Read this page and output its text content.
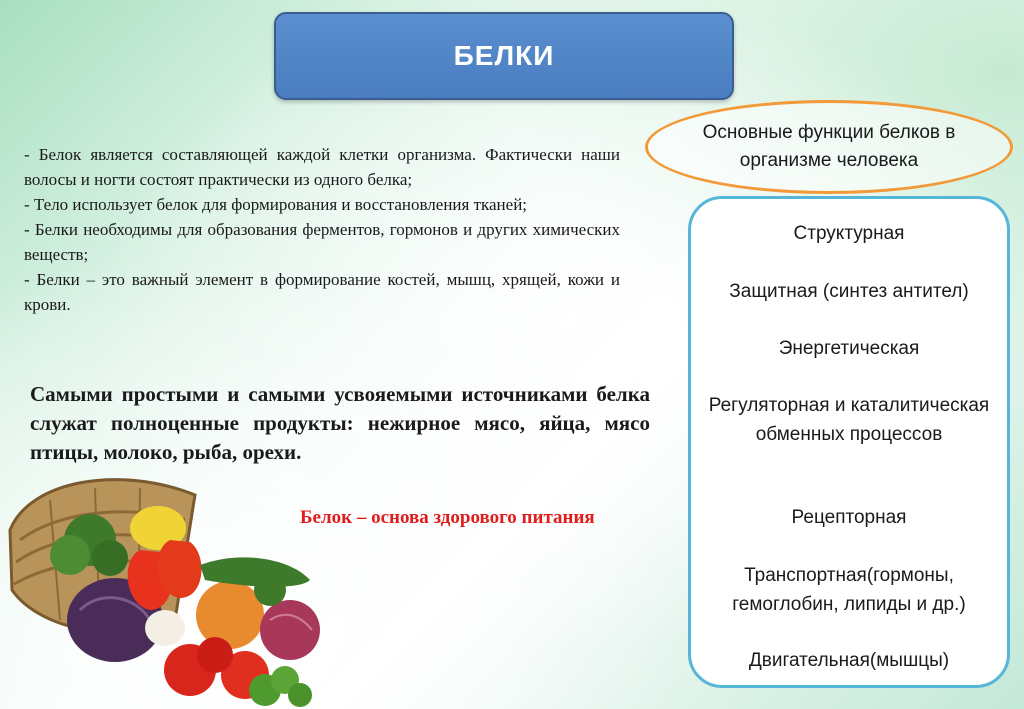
БЕЛКИ

- Белок является составляющей каждой клетки организма. Фактически наши волосы и ногти состоят практически из одного белка;

- Тело использует белок для формирования и восстановления тканей;

- Белки необходимы для образования ферментов, гормонов и других химических веществ;

- Белки – это важный элемент в формирование костей, мышц, хрящей, кожи и крови.

Самыми простыми и самыми усвояемыми источниками белка служат полноценные продукты: нежирное мясо, яйца, мясо птицы, молоко, рыба, орехи.
Белок – основа здорового питания
Основные функции белков в организме человека
Структурная
Защитная (синтез антител)
Энергетическая
Регуляторная и каталитическая обменных процессов
Рецепторная
Транспортная(гормоны, гемоглобин, липиды и др.)
Двигательная(мышцы)
